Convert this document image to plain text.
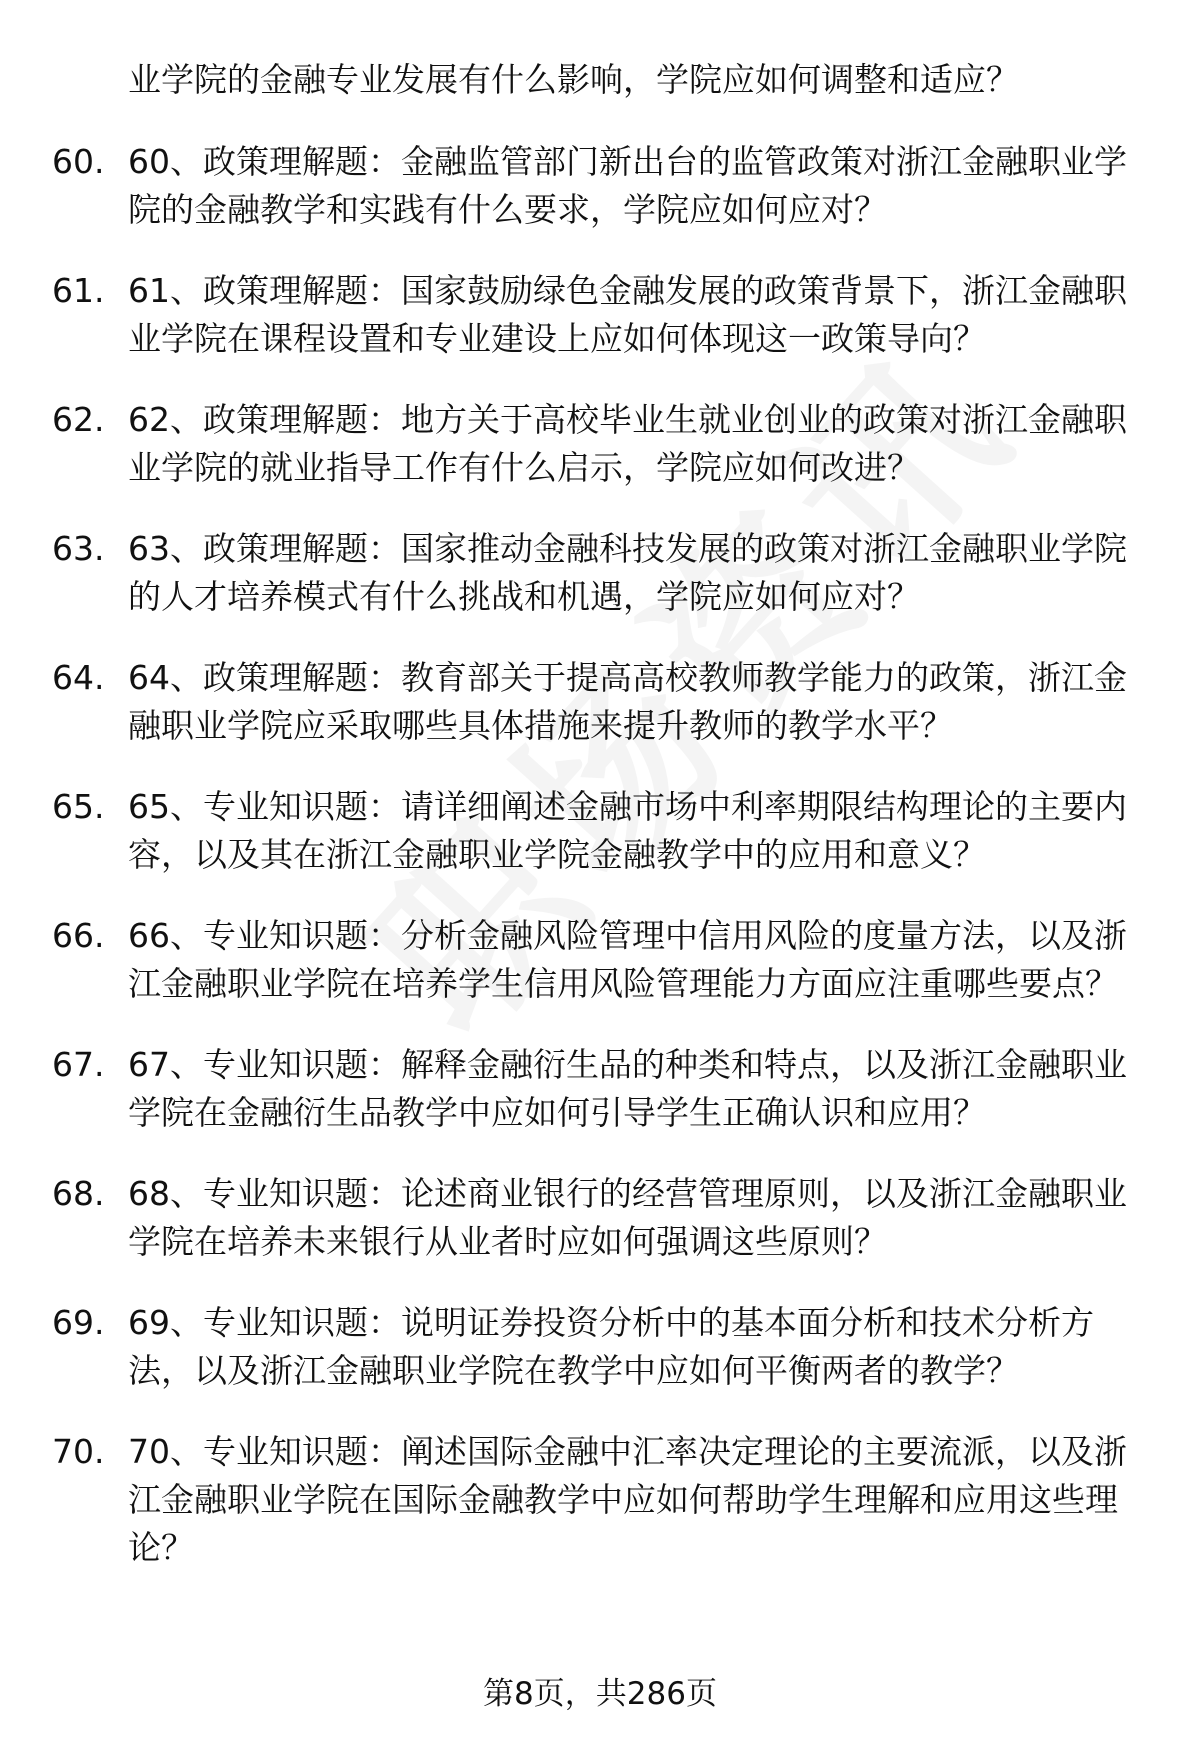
业学院的金融专业发展有什么影响，学院应如何调整和适应？
60. 60、政策理解题：金融监管部门新出台的监管政策对浙江金融职业学院的金融教学和实践有什么要求，学院应如何应对？
61. 61、政策理解题：国家鼓励绿色金融发展的政策背景下，浙江金融职业学院在课程设置和专业建设上应如何体现这一政策导向？
62. 62、政策理解题：地方关于高校毕业生就业创业的政策对浙江金融职业学院的就业指导工作有什么启示，学院应如何改进？
63. 63、政策理解题：国家推动金融科技发展的政策对浙江金融职业学院的人才培养模式有什么挑战和机遇，学院应如何应对？
64. 64、政策理解题：教育部关于提高高校教师教学能力的政策，浙江金融职业学院应采取哪些具体措施来提升教师的教学水平？
65. 65、专业知识题：请详细阐述金融市场中利率期限结构理论的主要内容，以及其在浙江金融职业学院金融教学中的应用和意义？
66. 66、专业知识题：分析金融风险管理中信用风险的度量方法，以及浙江金融职业学院在培养学生信用风险管理能力方面应注重哪些要点？
67. 67、专业知识题：解释金融衍生品的种类和特点，以及浙江金融职业学院在金融衍生品教学中应如何引导学生正确认识和应用？
68. 68、专业知识题：论述商业银行的经营管理原则，以及浙江金融职业学院在培养未来银行从业者时应如何强调这些原则？
69. 69、专业知识题：说明证券投资分析中的基本面分析和技术分析方法，以及浙江金融职业学院在教学中应如何平衡两者的教学？
70. 70、专业知识题：阐述国际金融中汇率决定理论的主要流派，以及浙江金融职业学院在国际金融教学中应如何帮助学生理解和应用这些理论？
第8页，共286页
